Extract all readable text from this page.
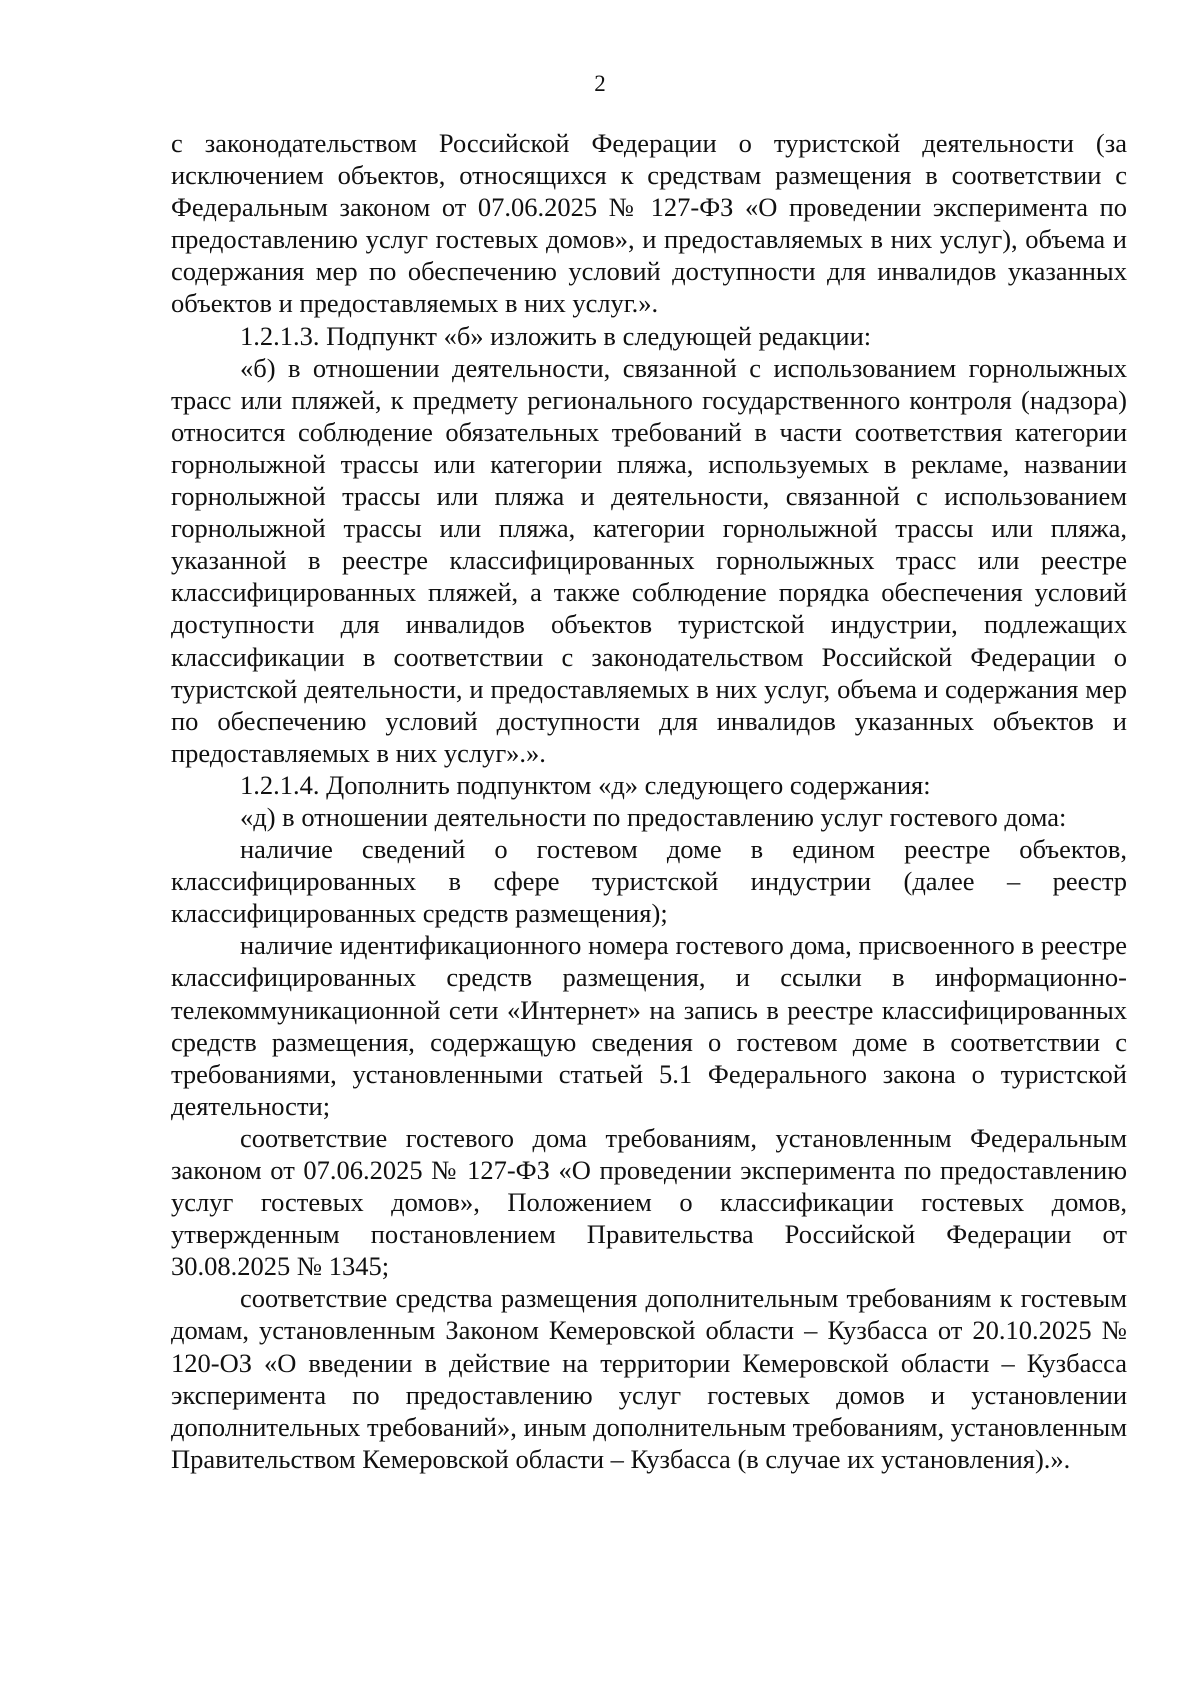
2

с законодательством Российской Федерации о туристской деятельности (за исключением объектов, относящихся к средствам размещения в соответствии с Федеральным законом от 07.06.2025 № 127-ФЗ «О проведении эксперимента по предоставлению услуг гостевых домов», и предоставляемых в них услуг), объема и содержания мер по обеспечению условий доступности для инвалидов указанных объектов и предоставляемых в них услуг.».

1.2.1.3. Подпункт «б» изложить в следующей редакции:

«б) в отношении деятельности, связанной с использованием горнолыжных трасс или пляжей, к предмету регионального государственного контроля (надзора) относится соблюдение обязательных требований в части соответствия категории горнолыжной трассы или категории пляжа, используемых в рекламе, названии горнолыжной трассы или пляжа и деятельности, связанной с использованием горнолыжной трассы или пляжа, категории горнолыжной трассы или пляжа, указанной в реестре классифицированных горнолыжных трасс или реестре классифицированных пляжей, а также соблюдение порядка обеспечения условий доступности для инвалидов объектов туристской индустрии, подлежащих классификации в соответствии с законодательством Российской Федерации о туристской деятельности, и предоставляемых в них услуг, объема и содержания мер по обеспечению условий доступности для инвалидов указанных объектов и предоставляемых в них услуг».».

1.2.1.4. Дополнить подпунктом «д» следующего содержания:

«д) в отношении деятельности по предоставлению услуг гостевого дома:

наличие сведений о гостевом доме в едином реестре объектов, классифицированных в сфере туристской индустрии (далее – реестр классифицированных средств размещения);

наличие идентификационного номера гостевого дома, присвоенного в реестре классифицированных средств размещения, и ссылки в информационно-телекоммуникационной сети «Интернет» на запись в реестре классифицированных средств размещения, содержащую сведения о гостевом доме в соответствии с требованиями, установленными статьей 5.1 Федерального закона о туристской деятельности;

соответствие гостевого дома требованиям, установленным Федеральным законом от 07.06.2025 № 127-ФЗ «О проведении эксперимента по предоставлению услуг гостевых домов», Положением о классификации гостевых домов, утвержденным постановлением Правительства Российской Федерации от 30.08.2025 № 1345;

соответствие средства размещения дополнительным требованиям к гостевым домам, установленным Законом Кемеровской области – Кузбасса от 20.10.2025 № 120-ОЗ «О введении в действие на территории Кемеровской области – Кузбасса эксперимента по предоставлению услуг гостевых домов и установлении дополнительных требований», иным дополнительным требованиям, установленным Правительством Кемеровской области – Кузбасса (в случае их установления).».
